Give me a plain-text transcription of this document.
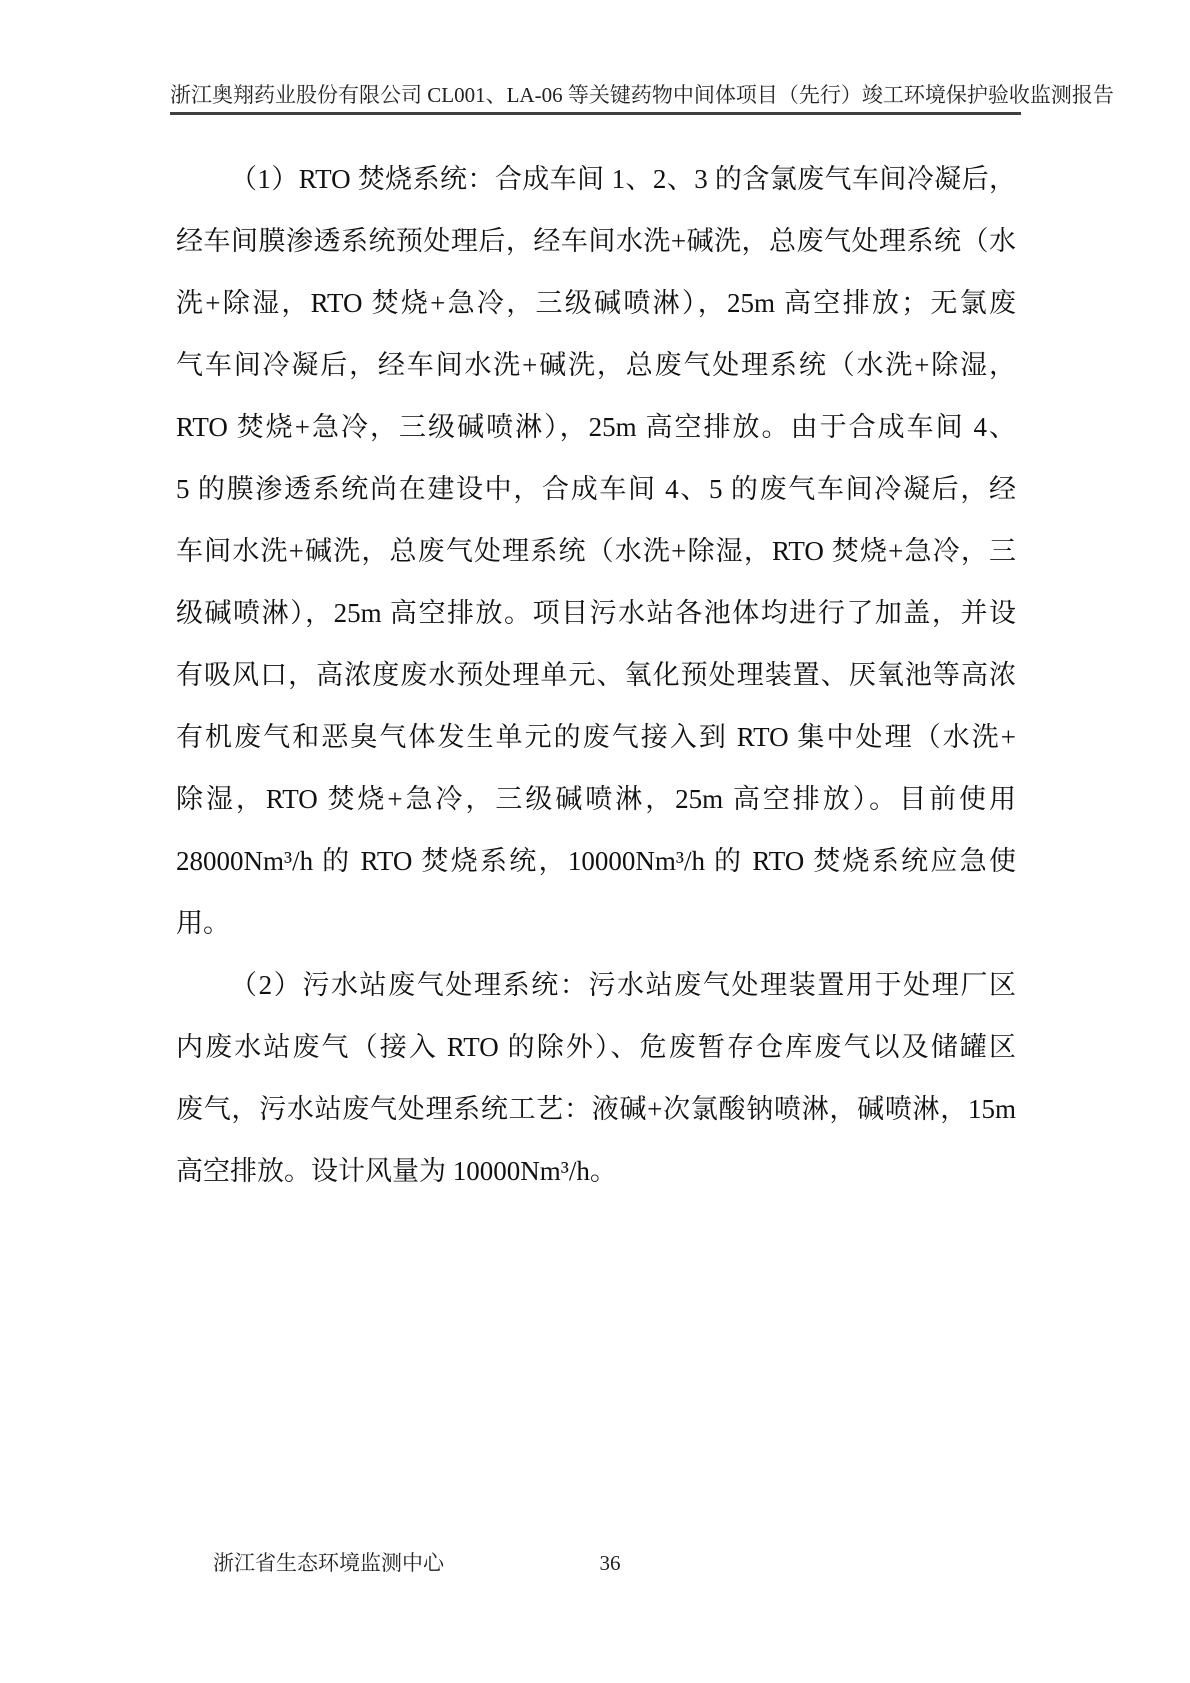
浙江奥翔药业股份有限公司 CL001、LA-06 等关键药物中间体项目（先行）竣工环境保护验收监测报告
（1）RTO 焚烧系统：合成车间 1、2、3 的含氯废气车间冷凝后，
经车间膜渗透系统预处理后，经车间水洗+碱洗，总废气处理系统（水
洗+除湿，RTO 焚烧+急冷，三级碱喷淋），25m 高空排放；无氯废
气车间冷凝后，经车间水洗+碱洗，总废气处理系统（水洗+除湿，
RTO 焚烧+急冷，三级碱喷淋），25m 高空排放。由于合成车间 4、
5 的膜渗透系统尚在建设中，合成车间 4、5 的废气车间冷凝后，经
车间水洗+碱洗，总废气处理系统（水洗+除湿，RTO 焚烧+急冷，三
级碱喷淋），25m 高空排放。项目污水站各池体均进行了加盖，并设
有吸风口，高浓度废水预处理单元、氧化预处理装置、厌氧池等高浓
有机废气和恶臭气体发生单元的废气接入到 RTO 集中处理（水洗+
除湿，RTO 焚烧+急冷，三级碱喷淋，25m 高空排放）。目前使用
28000Nm³/h 的 RTO 焚烧系统，10000Nm³/h 的 RTO 焚烧系统应急使
用。
（2）污水站废气处理系统：污水站废气处理装置用于处理厂区
内废水站废气（接入 RTO 的除外）、危废暂存仓库废气以及储罐区
废气，污水站废气处理系统工艺：液碱+次氯酸钠喷淋，碱喷淋，15m
高空排放。设计风量为 10000Nm³/h。
浙江省生态环境监测中心	36
